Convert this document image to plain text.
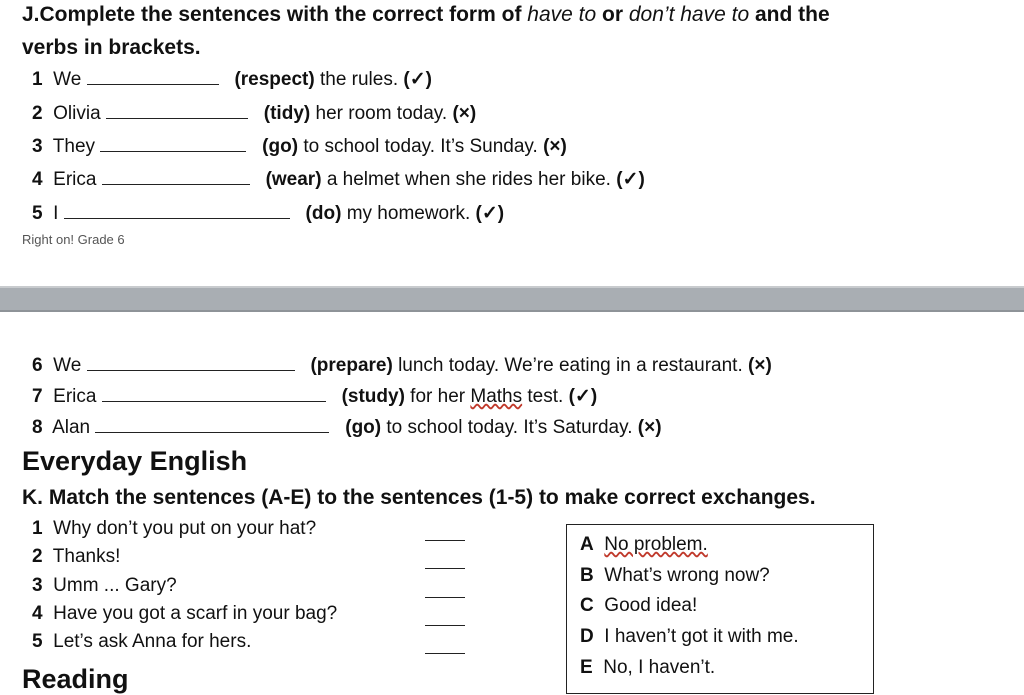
J.Complete the sentences with the correct form of have to or don’t have to and the
verbs in brackets.
1 We	(respect) the rules. (✓)
2 Olivia	(tidy) her room today. (×)
3 They	(go) to school today. It’s Sunday. (×)
4 Erica	(wear) a helmet when she rides her bike. (✓)
5 I	(do) my homework. (✓)
Right on! Grade 6
6 We	(prepare) lunch today. We’re eating in a restaurant. (×)
7 Erica	(study) for her Maths test. (✓)
8 Alan	(go) to school today. It’s Saturday. (×)
Everyday English
K. Match the sentences (A-E) to the sentences (1-5) to make correct exchanges.
1 Why don’t you put on your hat?
2 Thanks!
3 Umm ... Gary?
4 Have you got a scarf in your bag?
5 Let’s ask Anna for hers.
A No problem.
B What’s wrong now?
C Good idea!
D I haven’t got it with me.
E No, I haven’t.
Reading
